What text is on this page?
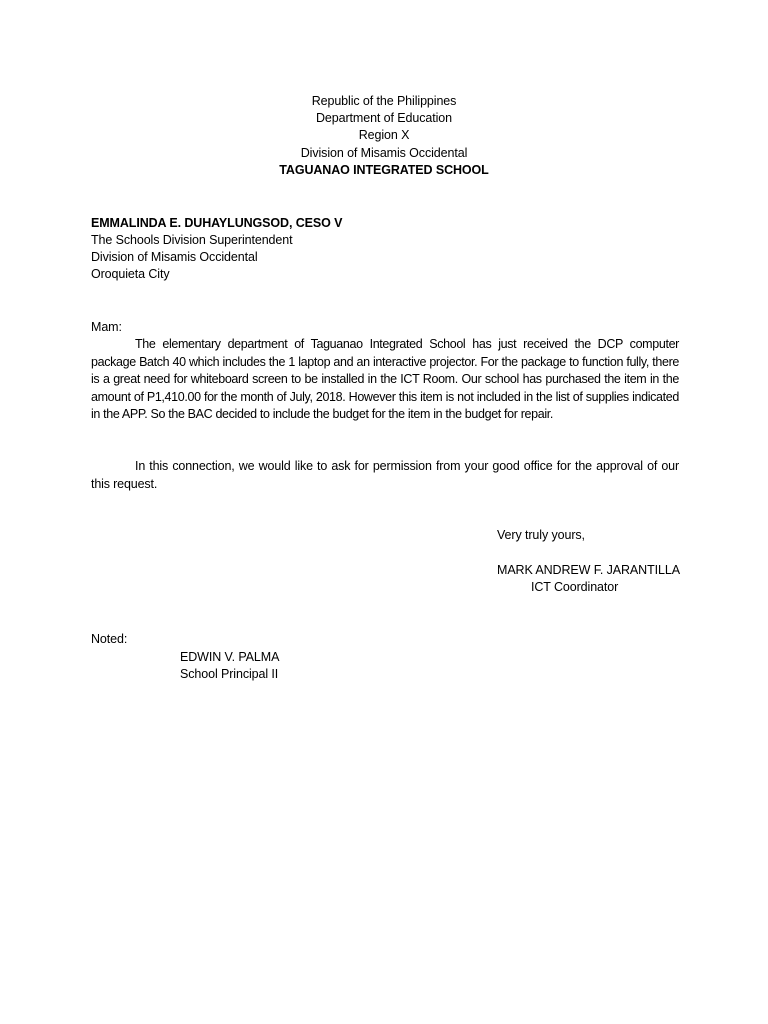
Republic of the Philippines
Department of Education
Region X
Division of Misamis Occidental
TAGUANAO INTEGRATED SCHOOL
EMMALINDA E. DUHAYLUNGSOD, CESO V
The Schools Division Superintendent
Division of Misamis Occidental
Oroquieta City
Mam:
The elementary department of Taguanao Integrated School has just received the DCP computer package Batch 40 which includes the 1 laptop and an interactive projector. For the package to function fully, there is a great need for whiteboard screen to be installed in the ICT Room. Our school has purchased the item in the amount of P1,410.00 for the month of July, 2018. However this item is not included in the list of supplies indicated in the APP. So the BAC decided to include the budget for the item in the budget for repair.
In this connection, we would like to ask for permission from your good office for the approval of our this request.
Very truly yours,
MARK ANDREW F. JARANTILLA
ICT Coordinator
Noted:
EDWIN V. PALMA
School Principal II
